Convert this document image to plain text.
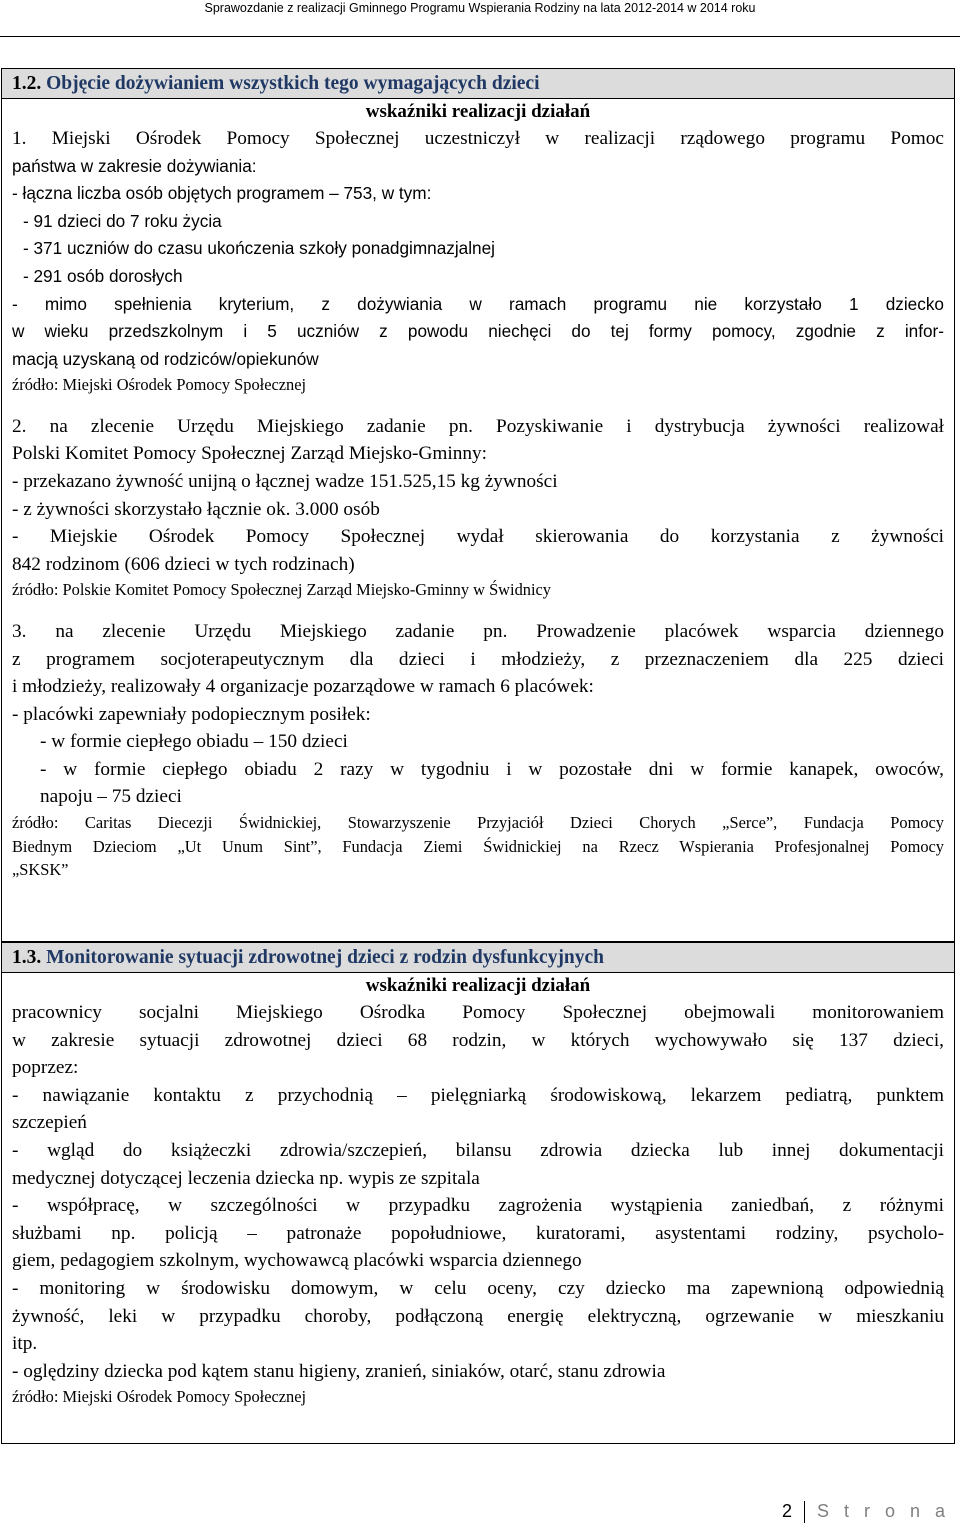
Sprawozdanie z realizacji Gminnego Programu Wspierania Rodziny na lata 2012-2014 w 2014 roku
1.2. Objęcie dożywianiem wszystkich tego wymagających dzieci
wskaźniki realizacji działań
1. Miejski Ośrodek Pomocy Społecznej uczestniczył w realizacji rządowego programu Pomoc
państwa w zakresie dożywiania:
- łączna liczba osób objętych programem – 753, w tym:
- 91 dzieci do 7 roku życia
- 371 uczniów do czasu ukończenia szkoły ponadgimnazjalnej
- 291 osób dorosłych
- mimo spełnienia kryterium, z dożywiania w ramach programu nie korzystało 1 dziecko
w wieku przedszkolnym i 5 uczniów z powodu niechęci do tej formy pomocy, zgodnie z infor-
macją uzyskaną od rodziców/opiekunów
źródło: Miejski Ośrodek Pomocy Społecznej
2. na zlecenie Urzędu Miejskiego zadanie pn. Pozyskiwanie i dystrybucja żywności realizował
Polski Komitet Pomocy Społecznej Zarząd Miejsko-Gminny:
- przekazano żywność unijną o łącznej wadze 151.525,15 kg żywności
- z żywności skorzystało łącznie ok. 3.000 osób
- Miejskie Ośrodek Pomocy Społecznej wydał skierowania do korzystania z żywności
842 rodzinom (606 dzieci w tych rodzinach)
źródło: Polskie Komitet Pomocy Społecznej Zarząd Miejsko-Gminny w Świdnicy
3. na zlecenie Urzędu Miejskiego zadanie pn. Prowadzenie placówek wsparcia dziennego
z programem socjoterapeutycznym dla dzieci i młodzieży, z przeznaczeniem dla 225 dzieci
i młodzieży, realizowały 4 organizacje pozarządowe w ramach 6 placówek:
- placówki zapewniały podopiecznym posiłek:
- w formie ciepłego obiadu – 150 dzieci
- w formie ciepłego obiadu 2 razy w tygodniu i w pozostałe dni w formie kanapek, owoców,
napoju – 75 dzieci
źródło: Caritas Diecezji Świdnickiej, Stowarzyszenie Przyjaciół Dzieci Chorych „Serce”, Fundacja Pomocy
Biednym Dzieciom „Ut Unum Sint”, Fundacja Ziemi Świdnickiej na Rzecz Wspierania Profesjonalnej Pomocy
„SKSK”
1.3. Monitorowanie sytuacji zdrowotnej dzieci z rodzin dysfunkcyjnych
wskaźniki realizacji działań
pracownicy socjalni Miejskiego Ośrodka Pomocy Społecznej obejmowali monitorowaniem
w zakresie sytuacji zdrowotnej dzieci 68 rodzin, w których wychowywało się 137 dzieci,
poprzez:
- nawiązanie kontaktu z przychodnią – pielęgniarką środowiskową, lekarzem pediatrą, punktem
szczepień
- wgląd do książeczki zdrowia/szczepień, bilansu zdrowia dziecka lub innej dokumentacji
medycznej dotyczącej leczenia dziecka np. wypis ze szpitala
- współpracę, w szczególności w przypadku zagrożenia wystąpienia zaniedbań, z różnymi
służbami np. policją – patronaże popołudniowe, kuratorami, asystentami rodziny, psycholo-
giem, pedagogiem szkolnym, wychowawcą placówki wsparcia dziennego
- monitoring w środowisku domowym, w celu oceny, czy dziecko ma zapewnioną odpowiednią
żywność, leki w przypadku choroby, podłączoną energię elektryczną, ogrzewanie w mieszkaniu
itp.
- oględziny dziecka pod kątem stanu higieny, zranień, siniaków, otarć, stanu zdrowia
źródło: Miejski Ośrodek Pomocy Społecznej
2 S t r o n a
